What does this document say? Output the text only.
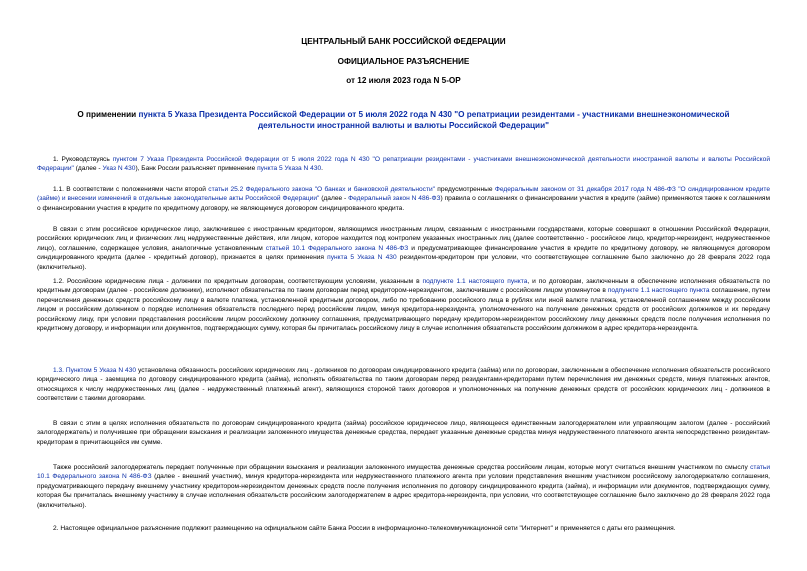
ЦЕНТРАЛЬНЫЙ БАНК РОССИЙСКОЙ ФЕДЕРАЦИИ
ОФИЦИАЛЬНОЕ РАЗЪЯСНЕНИЕ
от 12 июля 2023 года N 5-ОР
О применении пункта 5 Указа Президента Российской Федерации от 5 июля 2022 года N 430 "О репатриации резидентами - участниками внешнеэкономической деятельности иностранной валюты и валюты Российской Федерации"

1. Руководствуясь пунктом 7 Указа Президента Российской Федерации от 5 июля 2022 года N 430 "О репатриации резидентами - участниками внешнеэкономической деятельности иностранной валюты и валюты Российской Федерации" (далее - Указ N 430), Банк России разъясняет применение пункта 5 Указа N 430.

1.1. В соответствии с положениями части второй статьи 25.2 Федерального закона "О банках и банковской деятельности" предусмотренные Федеральным законом от 31 декабря 2017 года N 486-ФЗ "О синдицированном кредите (займе) и внесении изменений в отдельные законодательные акты Российской Федерации" (далее - Федеральный закон N 486-ФЗ) правила о соглашениях о финансировании участия в кредите (займе) применяются также к соглашениям о финансировании участия в кредите по кредитному договору, не являющемуся договором синдицированного кредита.

В связи с этим российское юридическое лицо, заключившее с иностранным кредитором, являющимся иностранным лицом, связанным с иностранными государствами, которые совершают в отношении Российской Федерации, российских юридических лиц и физических лиц недружественные действия, или лицом, которое находится под контролем указанных иностранных лиц (далее соответственно - российское лицо, кредитор-нерезидент, недружественное лицо), соглашение, содержащее условия, аналогичные установленным статьей 10.1 Федерального закона N 486-ФЗ и предусматривающее финансирование участия в кредите по кредитному договору, не являющемуся договором синдицированного кредита (далее - кредитный договор), признается в целях применения пункта 5 Указа N 430 резидентом-кредитором при условии, что соответствующее соглашение было заключено до 28 февраля 2022 года (включительно).

1.2. Российские юридические лица - должники по кредитным договорам, соответствующим условиям, указанным в подпункте 1.1 настоящего пункта, и по договорам, заключенным в обеспечение исполнения обязательств по кредитным договорам (далее - российские должники), исполняют обязательства по таким договорам перед кредитором-нерезидентом, заключившим с российским лицом упомянутое в подпункте 1.1 настоящего пункта соглашение, путем перечисления денежных средств российскому лицу в валюте платежа, установленной кредитным договором, либо по требованию российского лица в рублях или иной валюте платежа, установленной соглашением между российским лицом и российским должником о порядке исполнения обязательств последнего перед российским лицом, минуя кредитора-нерезидента, уполномоченного на получение денежных средств от российских должников и их передачу российскому лицу, при условии представления российским лицом российскому должнику соглашения, предусматривающего передачу кредитором-нерезидентом российскому лицу денежных средств после получения исполнения по кредитному договору, и информации или документов, подтверждающих сумму, которая бы причиталась российскому лицу в случае исполнения обязательств российским должником в адрес кредитора-нерезидента.

1.3. Пунктом 5 Указа N 430 установлена обязанность российских юридических лиц - должников по договорам синдицированного кредита (займа) или по договорам, заключенным в обеспечение исполнения обязательств российского юридического лица - заемщика по договору синдицированного кредита (займа), исполнять обязательства по таким договорам перед резидентами-кредиторами путем перечисления им денежных средств, минуя платежных агентов, относящихся к числу недружественных лиц (далее - недружественный платежный агент), являющихся стороной таких договоров и уполномоченных на получение денежных средств от российских юридических лиц - должников в соответствии с такими договорами.

В связи с этим в целях исполнения обязательств по договорам синдицированного кредита (займа) российское юридическое лицо, являющееся единственным залогодержателем или управляющим залогом (далее - российский залогодержатель) и получившее при обращении взыскания и реализации заложенного имущества денежные средства, передает указанные денежные средства минуя недружественного платежного агента непосредственно резидентам-кредиторам в причитающейся им сумме.

Также российский залогодержатель передает полученные при обращении взыскания и реализации заложенного имущества денежные средства российским лицам, которые могут считаться внешним участником по смыслу статьи 10.1 Федерального закона N 486-ФЗ (далее - внешний участник), минуя кредитора-нерезидента или недружественного платежного агента при условии представления внешним участником российскому залогодержателю соглашения, предусматривающего передачу внешнему участнику кредитором-нерезидентом денежных средств после получения исполнения по договору синдицированного кредита (займа), и информации или документов, подтверждающих сумму, которая бы причиталась внешнему участнику в случае исполнения обязательств российским залогодержателем в адрес кредитора-нерезидента, при условии, что соответствующее соглашение было заключено до 28 февраля 2022 года (включительно).

2. Настоящее официальное разъяснение подлежит размещению на официальном сайте Банка России в информационно-телекоммуникационной сети "Интернет" и применяется с даты его размещения.
